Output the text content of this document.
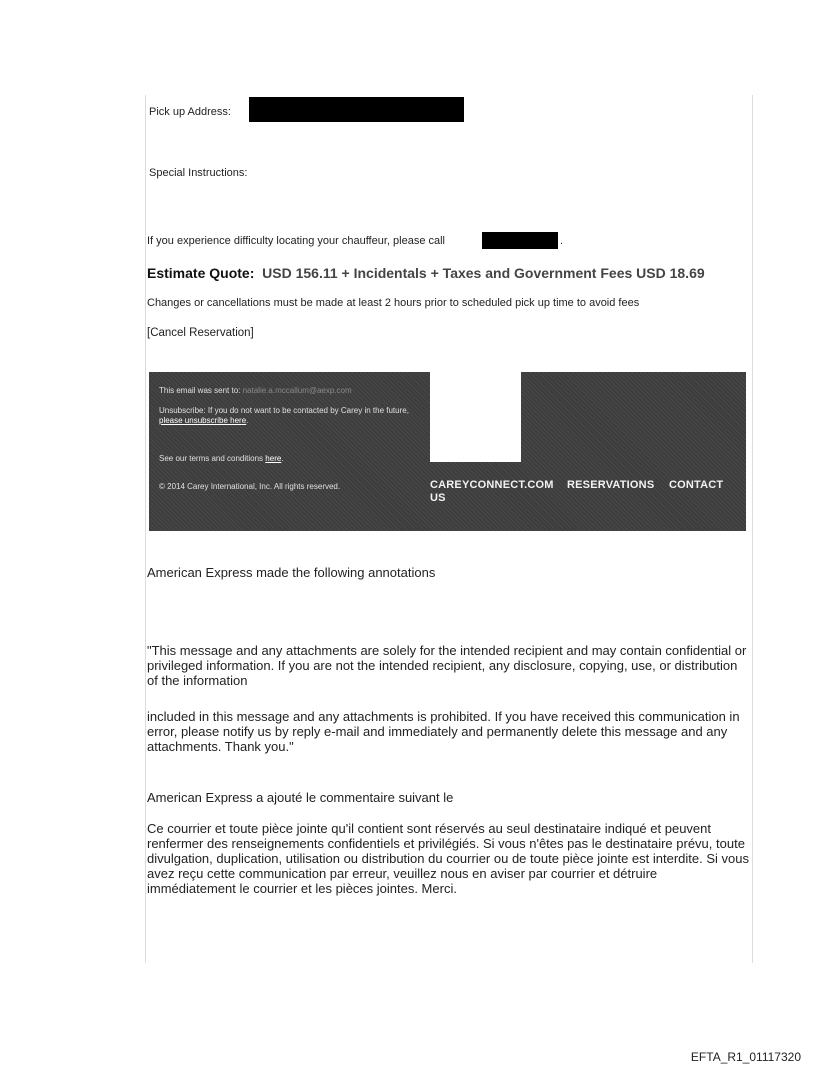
Pick up Address:
Special Instructions:
If you experience difficulty locating your chauffeur, please call	.
Estimate Quote: USD 156.11 + Incidentals + Taxes and Government Fees USD 18.69
Changes or cancellations must be made at least 2 hours prior to scheduled pick up time to avoid fees
[Cancel Reservation]
This email was sent to: natalie.a.mccallum@aexp.com
Unsubscribe: If you do not want to be contacted by Carey in the future, please unsubscribe here.
See our terms and conditions here.
© 2014 Carey International, Inc. All rights reserved.	CAREYCONNECT.COM RESERVATIONS CONTACT
US
American Express made the following annotations
"This message and any attachments are solely for the intended recipient and may contain confidential or privileged information. If you are not the intended recipient, any disclosure, copying, use, or distribution of the information
included in this message and any attachments is prohibited. If you have received this communication in error, please notify us by reply e-mail and immediately and permanently delete this message and any attachments. Thank you."
American Express a ajouté le commentaire suivant le
Ce courrier et toute pièce jointe qu'il contient sont réservés au seul destinataire indiqué et peuvent renfermer des renseignements confidentiels et privilégiés. Si vous n'êtes pas le destinataire prévu, toute divulgation, duplication, utilisation ou distribution du courrier ou de toute pièce jointe est interdite. Si vous avez reçu cette communication par erreur, veuillez nous en aviser par courrier et détruire immédiatement le courrier et les pièces jointes. Merci.
EFTA_R1_01117320
